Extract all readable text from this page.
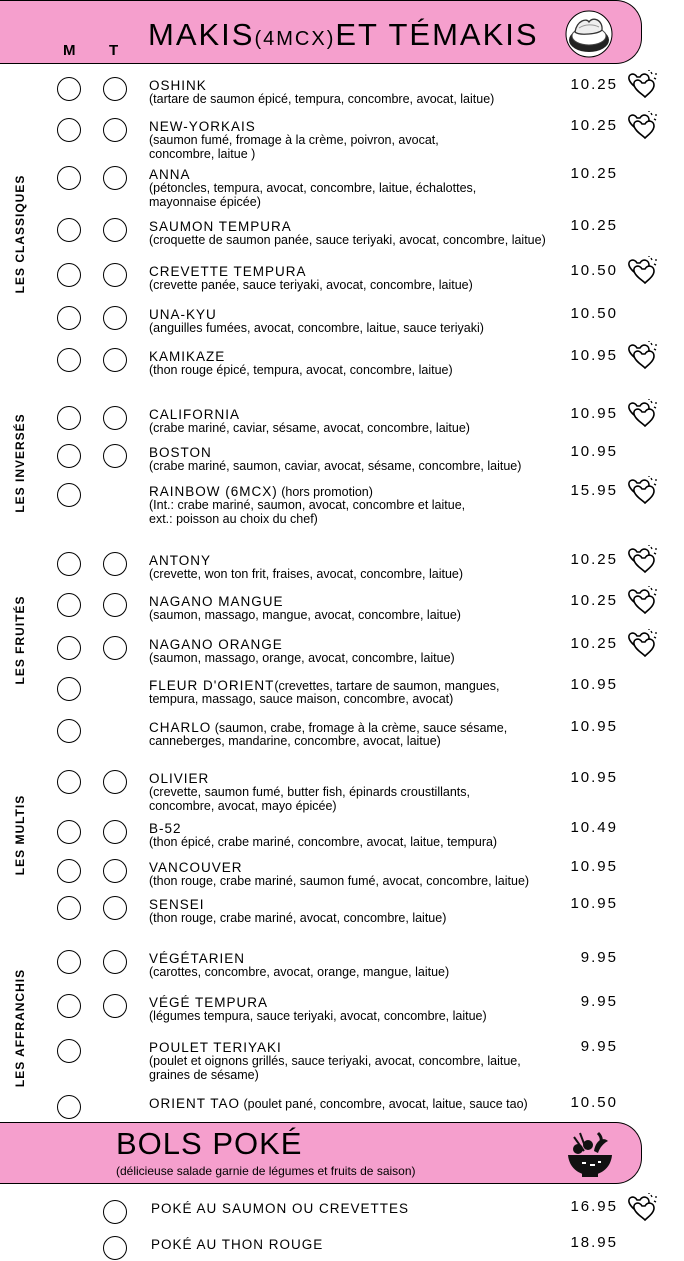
MAKIS(4MCX)ET TÉMAKIS
M T
BOLS POKÉ
(délicieuse salade garnie de légumes et fruits de saison)
LES CLASSIQUES
LES INVERSÉS
LES FRUITÉS
LES MULTIS
LES AFFRANCHIS
OSHINK
(tartare de saumon épicé, tempura, concombre, avocat, laitue)
10.25
NEW-YORKAIS
(saumon fumé, fromage à la crème, poivron, avocat,
concombre, laitue )
10.25
ANNA
(pétoncles, tempura, avocat, concombre, laitue, échalottes,
mayonnaise épicée)
10.25
SAUMON TEMPURA
(croquette de saumon panée, sauce teriyaki, avocat, concombre, laitue)
10.25
CREVETTE TEMPURA
(crevette panée, sauce teriyaki, avocat, concombre, laitue)
10.50
UNA-KYU
(anguilles fumées, avocat, concombre, laitue, sauce teriyaki)
10.50
KAMIKAZE
(thon rouge épicé, tempura, avocat, concombre, laitue)
10.95
CALIFORNIA
(crabe mariné, caviar, sésame, avocat, concombre, laitue)
10.95
BOSTON
(crabe mariné, saumon, caviar, avocat, sésame, concombre, laitue)
10.95
RAINBOW (6MCX) (hors promotion)
(Int.: crabe mariné, saumon, avocat, concombre et laitue,
ext.: poisson au choix du chef)
15.95
ANTONY
(crevette, won ton frit, fraises, avocat, concombre, laitue)
10.25
NAGANO MANGUE
(saumon, massago, mangue, avocat, concombre, laitue)
10.25
NAGANO ORANGE
(saumon, massago, orange, avocat, concombre, laitue)
10.25
FLEUR D'ORIENT(crevettes, tartare de saumon, mangues,
tempura, massago, sauce maison, concombre, avocat)
10.95
CHARLO (saumon, crabe, fromage à la crème, sauce sésame,
canneberges, mandarine, concombre, avocat, laitue)
10.95
OLIVIER
(crevette, saumon fumé, butter fish, épinards croustillants,
concombre, avocat, mayo épicée)
10.95
B-52
(thon épicé, crabe mariné, concombre, avocat, laitue, tempura)
10.49
VANCOUVER
(thon rouge, crabe mariné, saumon fumé, avocat, concombre, laitue)
10.95
SENSEI
(thon rouge, crabe mariné, avocat, concombre, laitue)
10.95
VÉGÉTARIEN
(carottes, concombre, avocat, orange, mangue, laitue)
9.95
VÉGÉ TEMPURA
(légumes tempura, sauce teriyaki, avocat, concombre, laitue)
9.95
POULET TERIYAKI
(poulet et oignons grillés, sauce teriyaki, avocat, concombre, laitue,
graines de sésame)
9.95
ORIENT TAO (poulet pané, concombre, avocat, laitue, sauce tao)	10.50
POKÉ AU SAUMON OU CREVETTES	16.95
POKÉ AU THON ROUGE	18.95
